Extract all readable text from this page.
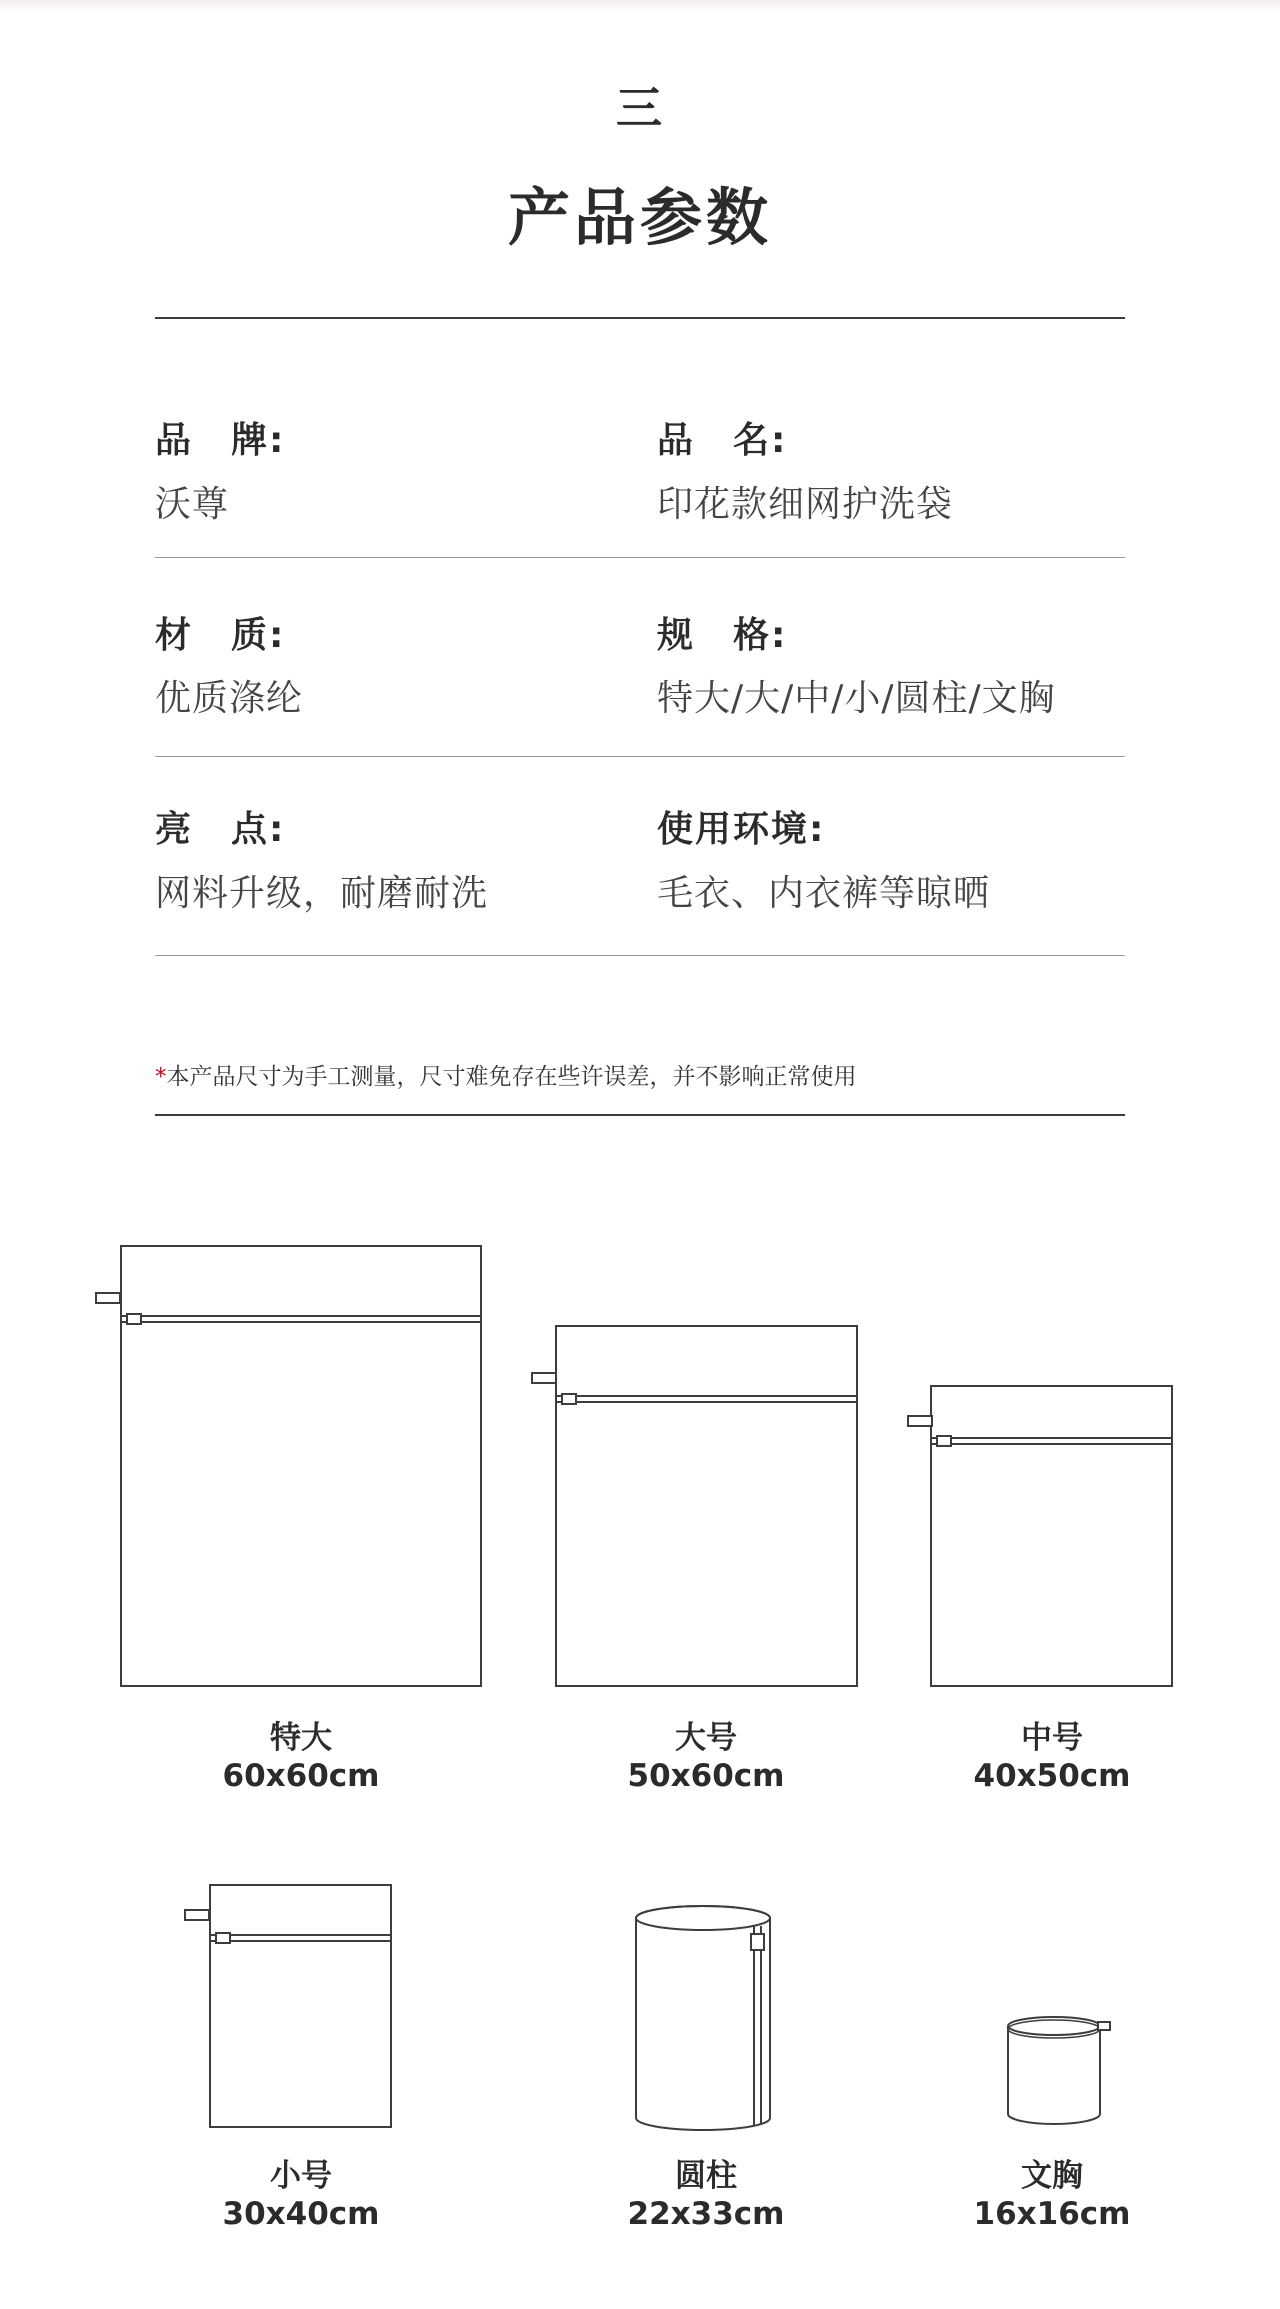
三
产品参数
品　牌:
沃尊
品　名:
印花款细网护洗袋
材　质:
优质涤纶
规　格:
特大/大/中/小/圆柱/文胸
亮　点:
网料升级，耐磨耐洗
使用环境:
毛衣、内衣裤等晾晒
*本产品尺寸为手工测量，尺寸难免存在些许误差，并不影响正常使用
特大
60x60cm
大号
50x60cm
中号
40x50cm
小号
30x40cm
圆柱
22x33cm
文胸
16x16cm
